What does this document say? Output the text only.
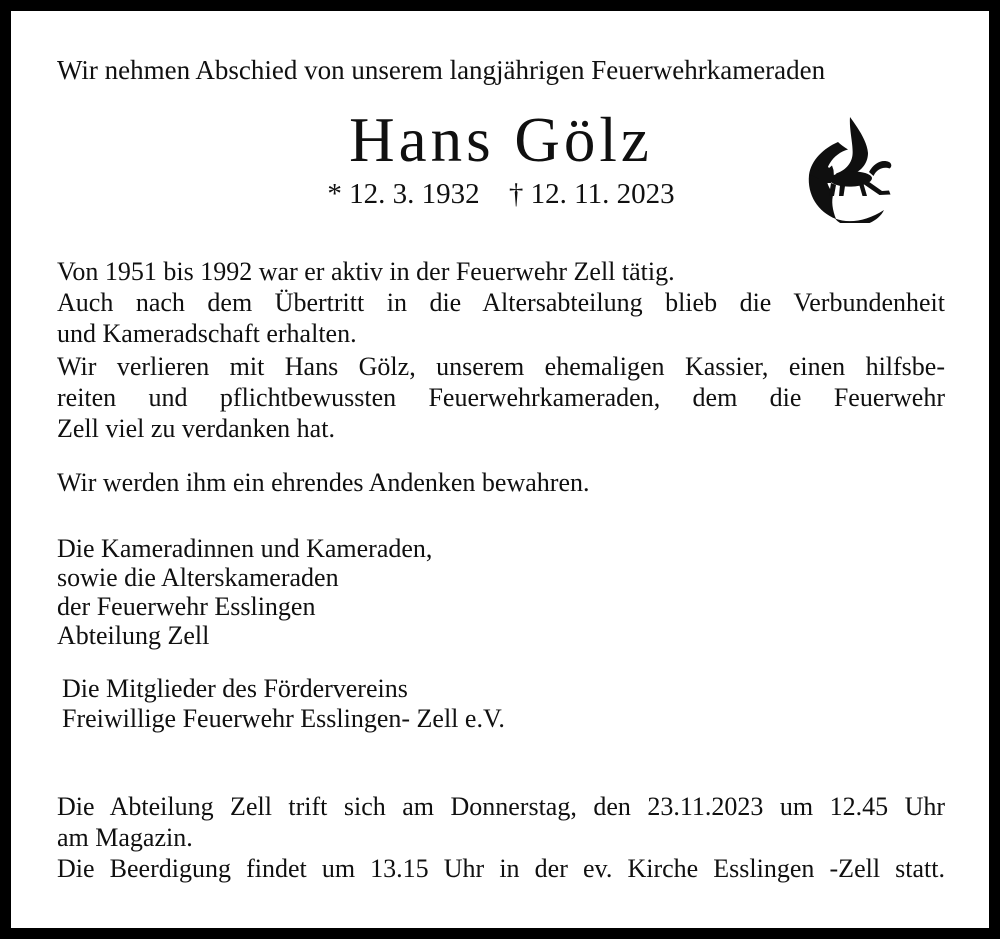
Wir nehmen Abschied von unserem langjährigen Feuerwehrkameraden

Hans Gölz

* 12. 3. 1932 † 12. 11. 2023

Von 1951 bis 1992 war er aktiv in der Feuerwehr Zell tätig.
Auch nach dem Übertritt in die Altersabteilung blieb die Verbundenheit
und Kameradschaft erhalten.
Wir verlieren mit Hans Gölz, unserem ehemaligen Kassier, einen hilfsbe-
reiten und pflichtbewussten Feuerwehrkameraden, dem die Feuerwehr
Zell viel zu verdanken hat.
Wir werden ihm ein ehrendes Andenken bewahren.
Die Kameradinnen und Kameraden,
sowie die Alterskameraden
der Feuerwehr Esslingen
Abteilung Zell
Die Mitglieder des Fördervereins
Freiwillige Feuerwehr Esslingen- Zell e.V.
Die Abteilung Zell trift sich am Donnerstag, den 23.11.2023 um 12.45 Uhr
am Magazin.
Die Beerdigung findet um 13.15 Uhr in der ev. Kirche Esslingen -Zell statt.
